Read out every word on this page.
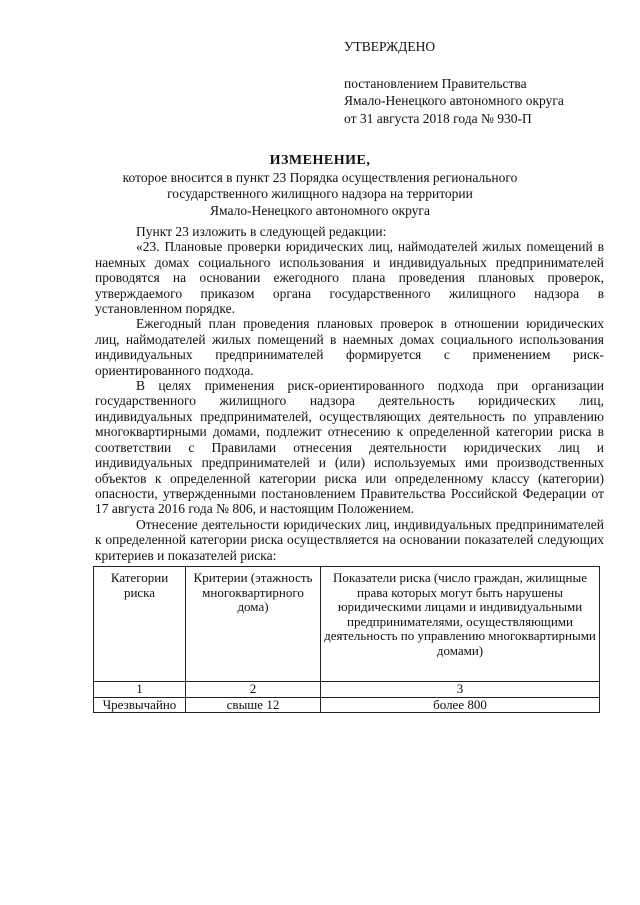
УТВЕРЖДЕНО
постановлением Правительства
Ямало-Ненецкого автономного округа
от 31 августа 2018 года № 930-П
ИЗМЕНЕНИЕ,
которое вносится в пункт 23 Порядка осуществления регионального
государственного жилищного надзора на территории
Ямало-Ненецкого автономного округа

Пункт 23 изложить в следующей редакции:

«23. Плановые проверки юридических лиц, наймодателей жилых помещений в наемных домах социального использования и индивидуальных предпринимателей проводятся на основании ежегодного плана проведения плановых проверок, утверждаемого приказом органа государственного жилищного надзора в установленном порядке.

Ежегодный план проведения плановых проверок в отношении юридических лиц, наймодателей жилых помещений в наемных домах социального использования индивидуальных предпринимателей формируется с применением риск-ориентированного подхода.

В целях применения риск-ориентированного подхода при организации государственного жилищного надзора деятельность юридических лиц, индивидуальных предпринимателей, осуществляющих деятельность по управлению многоквартирными домами, подлежит отнесению к определенной категории риска в соответствии с Правилами отнесения деятельности юридических лиц и индивидуальных предпринимателей и (или) используемых ими производственных объектов к определенной категории риска или определенному классу (категории) опасности, утвержденными постановлением Правительства Российской Федерации от 17 августа 2016 года № 806, и настоящим Положением.

Отнесение деятельности юридических лиц, индивидуальных предпринимателей к определенной категории риска осуществляется на основании показателей следующих критериев и показателей риска:

Категории риска	Критерии (этажность многоквартирного дома)	Показатели риска (число граждан, жилищные права которых могут быть нарушены юридическими лицами и индивидуальными предпринимателями, осуществляющими деятельность по управлению многоквартирными домами)
1	2	3
Чрезвычайно	свыше 12	более 800
